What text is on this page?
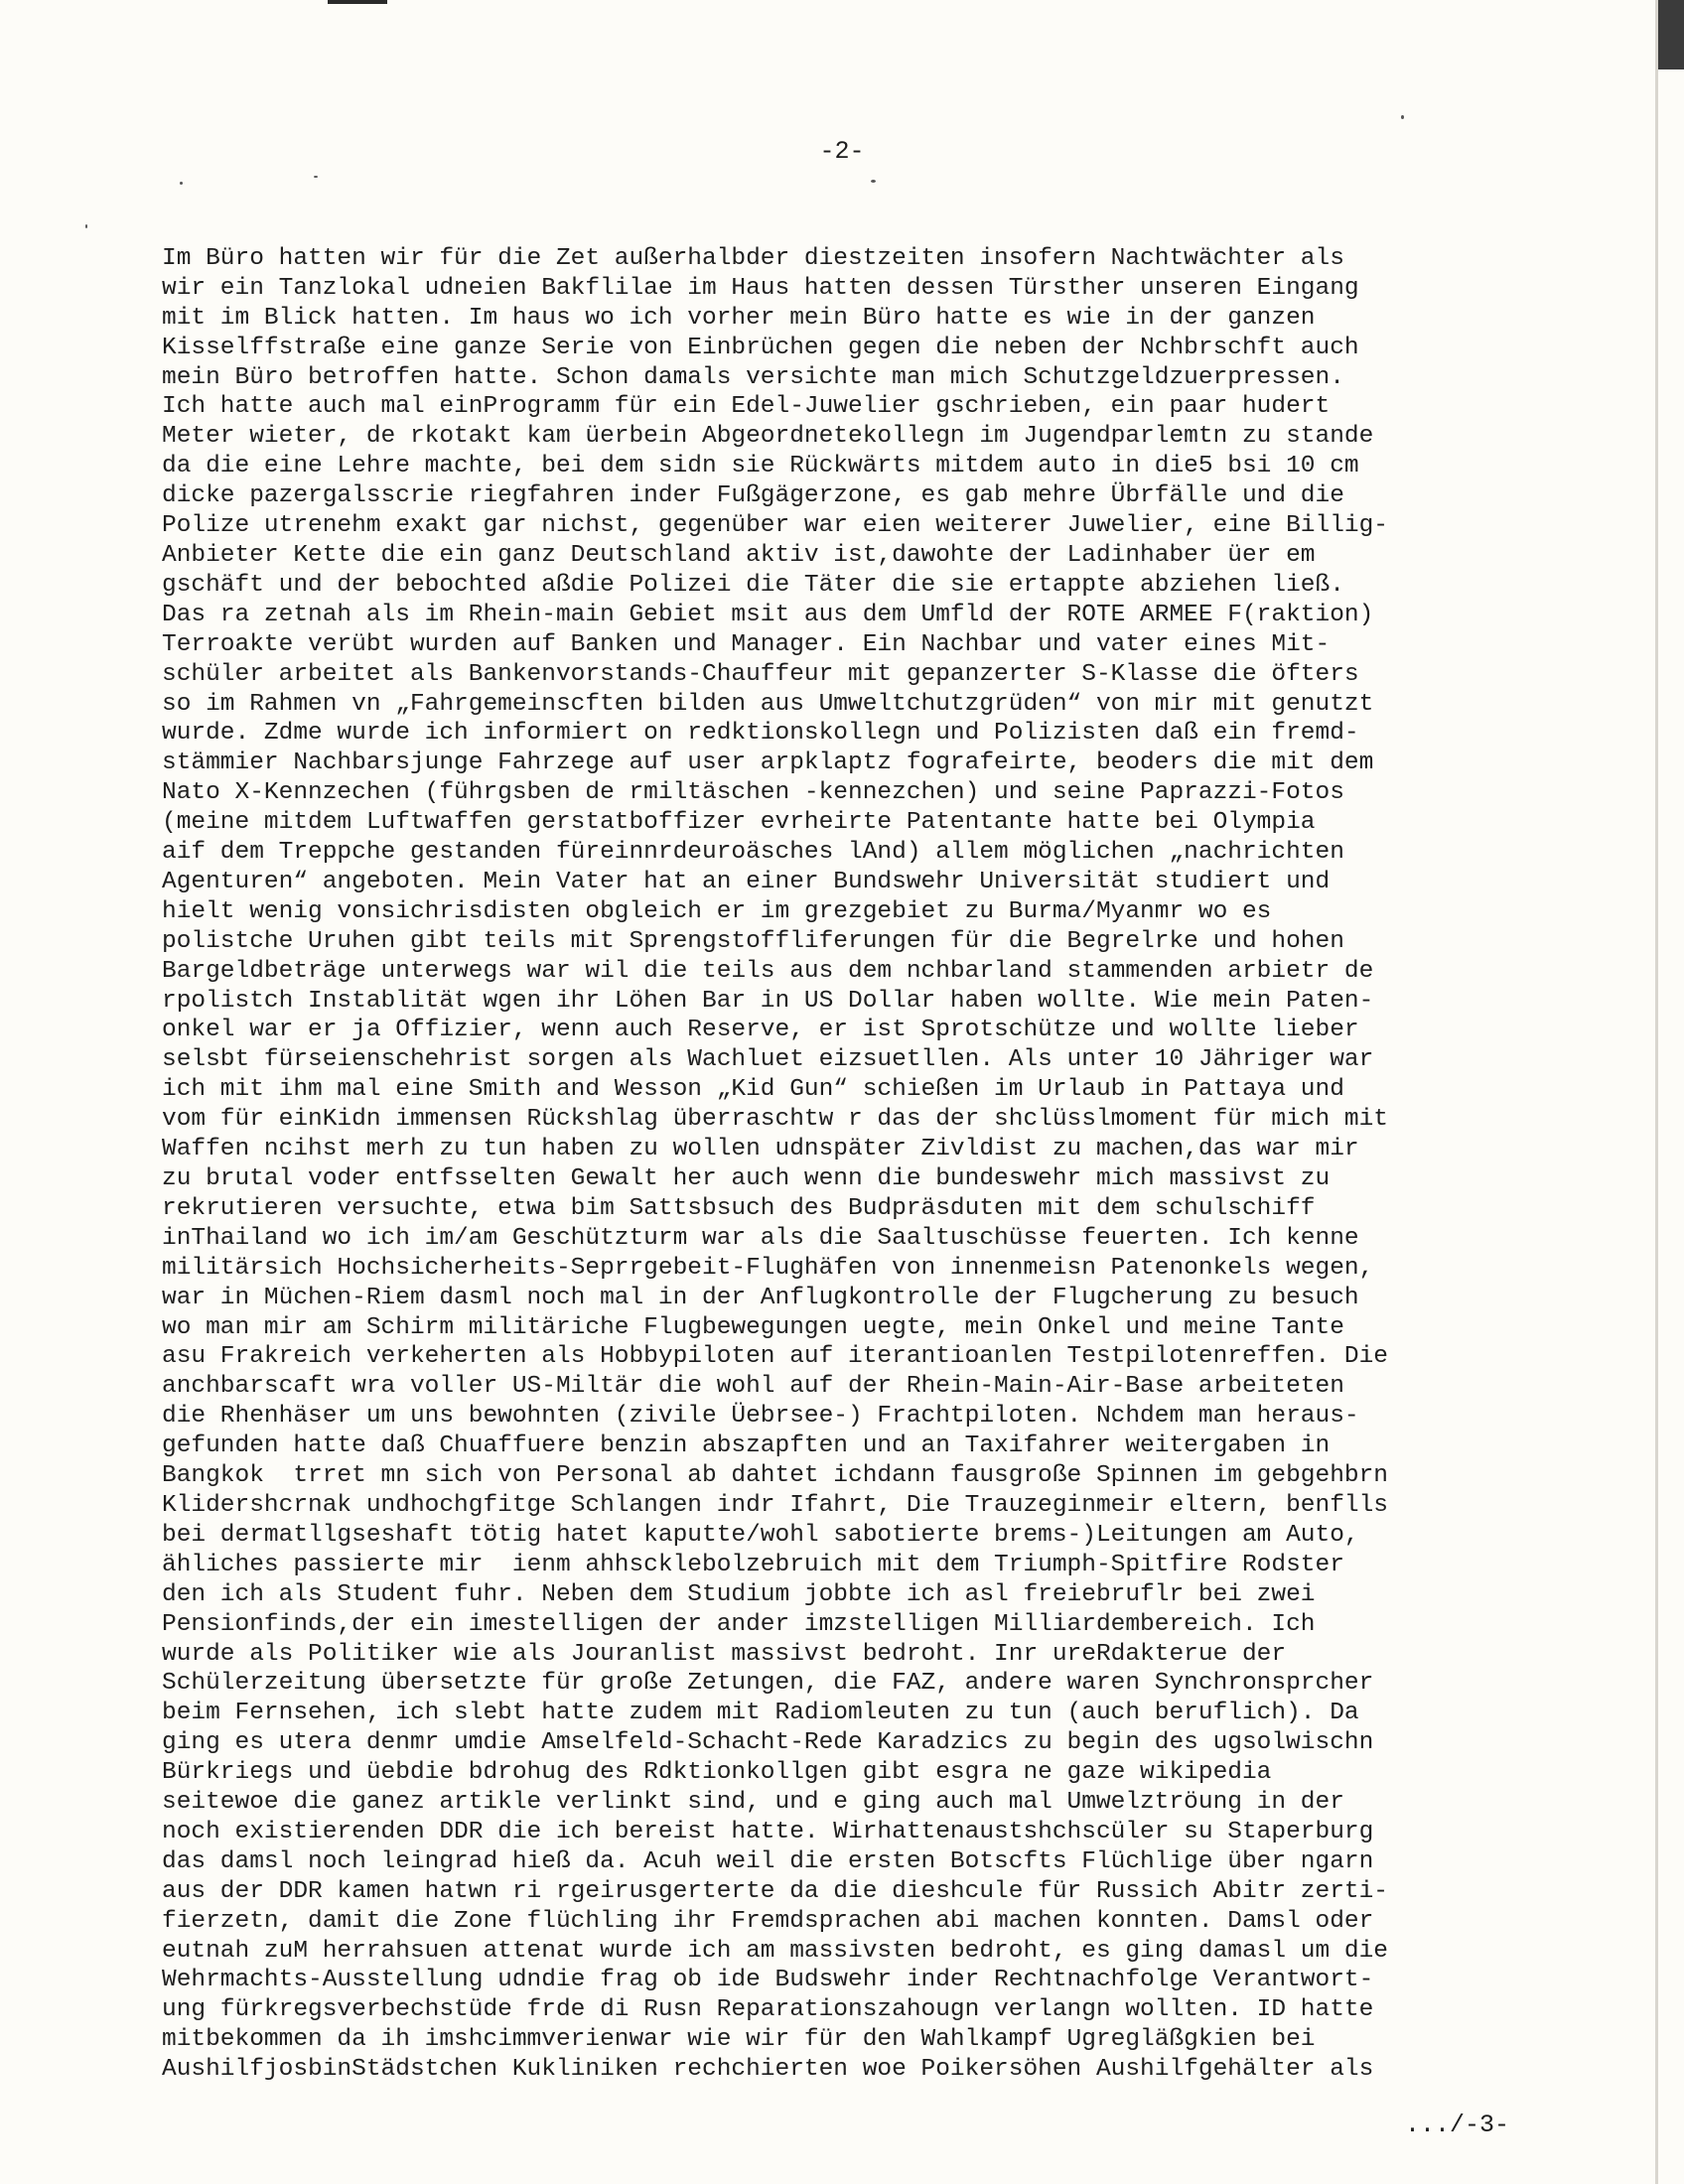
-2-

Im Büro hatten wir für die Zet außerhalbder diestzeiten insofern Nachtwächter als
wir ein Tanzlokal udneien Bakflilae im Haus hatten dessen Türsther unseren Eingang
mit im Blick hatten. Im haus wo ich vorher mein Büro hatte es wie in der ganzen
Kisselffstraße eine ganze Serie von Einbrüchen gegen die neben der Nchbrschft auch
mein Büro betroffen hatte. Schon damals versichte man mich Schutzgeldzuerpressen.
Ich hatte auch mal einProgramm für ein Edel-Juwelier gschrieben, ein paar hudert
Meter wieter, de rkotakt kam üerbein Abgeordnetekollegn im Jugendparlemtn zu stande
da die eine Lehre machte, bei dem sidn sie Rückwärts mitdem auto in die5 bsi 10 cm
dicke pazergalsscrie riegfahren inder Fußgägerzone, es gab mehre Übrfälle und die
Polize utrenehm exakt gar nichst, gegenüber war eien weiterer Juwelier, eine Billig-
Anbieter Kette die ein ganz Deutschland aktiv ist,dawohte der Ladinhaber üer em
gschäft und der bebochted aßdie Polizei die Täter die sie ertappte abziehen ließ.
Das ra zetnah als im Rhein-main Gebiet msit aus dem Umfld der ROTE ARMEE F(raktion)
Terroakte verübt wurden auf Banken und Manager. Ein Nachbar und vater eines Mit-
schüler arbeitet als Bankenvorstands-Chauffeur mit gepanzerter S-Klasse die öfters
so im Rahmen vn „Fahrgemeinscften bilden aus Umweltchutzgrüden“ von mir mit genutzt
wurde. Zdme wurde ich informiert on redktionskollegn und Polizisten daß ein fremd-
stämmier Nachbarsjunge Fahrzege auf user arpklaptz fografeirte, beoders die mit dem
Nato X-Kennzechen (führgsben de rmiltäschen -kennezchen) und seine Paprazzi-Fotos
(meine mitdem Luftwaffen gerstatboffizer evrheirte Patentante hatte bei Olympia
aif dem Treppche gestanden füreinnrdeuroäsches lAnd) allem möglichen „nachrichten
Agenturen“ angeboten. Mein Vater hat an einer Bundswehr Universität studiert und
hielt wenig vonsichrisdisten obgleich er im grezgebiet zu Burma/Myanmr wo es
polistche Uruhen gibt teils mit Sprengstoffliferungen für die Begrelrke und hohen
Bargeldbeträge unterwegs war wil die teils aus dem nchbarland stammenden arbietr de
rpolistch Instablität wgen ihr Löhen Bar in US Dollar haben wollte. Wie mein Paten-
onkel war er ja Offizier, wenn auch Reserve, er ist Sprotschütze und wollte lieber
selsbt fürseienschehrist sorgen als Wachluet eizsuetllen. Als unter 10 Jähriger war
ich mit ihm mal eine Smith and Wesson „Kid Gun“ schießen im Urlaub in Pattaya und
vom für einKidn immensen Rückshlag überraschtw r das der shclüsslmoment für mich mit
Waffen ncihst merh zu tun haben zu wollen udnspäter Zivldist zu machen,das war mir
zu brutal voder entfsselten Gewalt her auch wenn die bundeswehr mich massivst zu
rekrutieren versuchte, etwa bim Sattsbsuch des Budpräsduten mit dem schulschiff
inThailand wo ich im/am Geschützturm war als die Saaltuschüsse feuerten. Ich kenne
militärsich Hochsicherheits-Seprrgebeit-Flughäfen von innenmeisn Patenonkels wegen,
war in Müchen-Riem dasml noch mal in der Anflugkontrolle der Flugcherung zu besuch
wo man mir am Schirm militäriche Flugbewegungen uegte, mein Onkel und meine Tante
asu Frakreich verkeherten als Hobbypiloten auf iterantioanlen Testpilotenreffen. Die
anchbarscaft wra voller US-Miltär die wohl auf der Rhein-Main-Air-Base arbeiteten
die Rhenhäser um uns bewohnten (zivile Üebrsee-) Frachtpiloten. Nchdem man heraus-
gefunden hatte daß Chuaffuere benzin abszapften und an Taxifahrer weitergaben in
Bangkok  trret mn sich von Personal ab dahtet ichdann fausgroße Spinnen im gebgehbrn
Klidershcrnak undhochgfitge Schlangen indr Ifahrt, Die Trauzeginmeir eltern, benflls
bei dermatllgseshaft tötig hatet kaputte/wohl sabotierte brems-)Leitungen am Auto,
ähliches passierte mir  ienm ahhscklebolzebruich mit dem Triumph-Spitfire Rodster
den ich als Student fuhr. Neben dem Studium jobbte ich asl freiebruflr bei zwei
Pensionfinds,der ein imestelligen der ander imzstelligen Milliardembereich. Ich
wurde als Politiker wie als Jouranlist massivst bedroht. Inr ureRdakterue der
Schülerzeitung übersetzte für große Zetungen, die FAZ, andere waren Synchronsprcher
beim Fernsehen, ich slebt hatte zudem mit Radiomleuten zu tun (auch beruflich). Da
ging es utera denmr umdie Amselfeld-Schacht-Rede Karadzics zu begin des ugsolwischn
Bürkriegs und üebdie bdrohug des Rdktionkollgen gibt esgra ne gaze wikipedia
seitewoe die ganez artikle verlinkt sind, und e ging auch mal Umwelztröung in der
noch existierenden DDR die ich bereist hatte. Wirhattenaustshchscüler su Staperburg
das damsl noch leingrad hieß da. Acuh weil die ersten Botscfts Flüchlige über ngarn
aus der DDR kamen hatwn ri rgeirusgerterte da die dieshcule für Russich Abitr zerti-
fierzetn, damit die Zone flüchling ihr Fremdsprachen abi machen konnten. Damsl oder
eutnah zuM herrahsuen attenat wurde ich am massivsten bedroht, es ging damasl um die
Wehrmachts-Ausstellung udndie frag ob ide Budswehr inder Rechtnachfolge Verantwort-
ung fürkregsverbechstüde frde di Rusn Reparationszahougn verlangn wollten. ID hatte
mitbekommen da ih imshcimmverienwar wie wir für den Wahlkampf Ugregläßgkien bei
AushilfjosbinStädstchen Kukliniken rechchierten woe Poikersöhen Aushilfgehälter als

.../-3-
